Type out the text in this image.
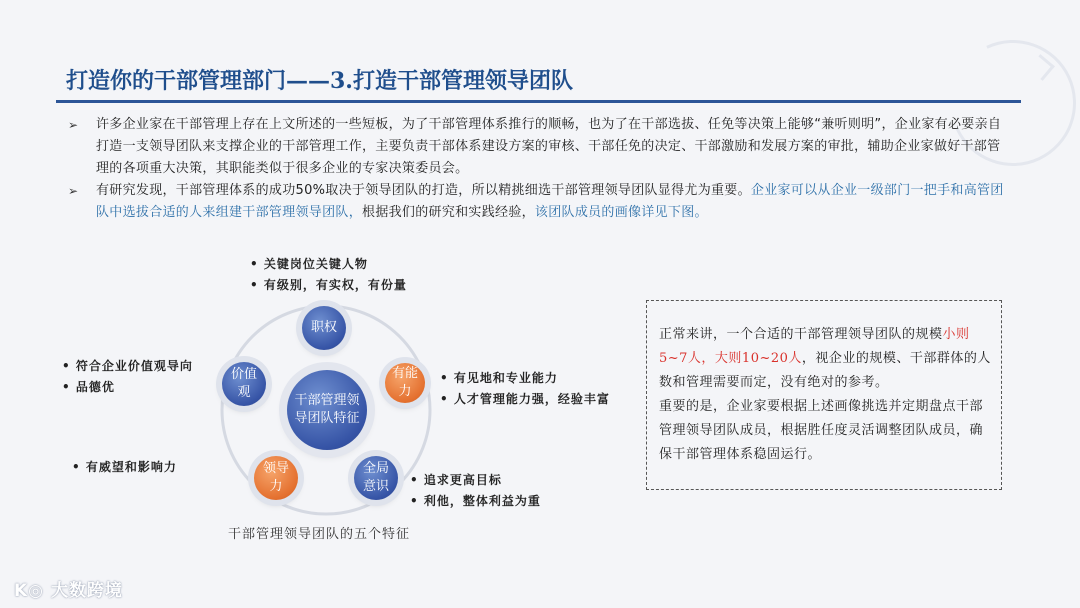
打造你的干部管理部门——3.打造干部管理领导团队
➢ 许多企业家在干部管理上存在上文所述的一些短板，为了干部管理体系推行的顺畅，也为了在干部选拔、任免等决策上能够“兼听则明”，企业家有必要亲自打造一支领导团队来支撑企业的干部管理工作，主要负责干部体系建设方案的审核、干部任免的决定、干部激励和发展方案的审批，辅助企业家做好干部管理的各项重大决策，其职能类似于很多企业的专家决策委员会。
➢ 有研究发现，干部管理体系的成功50%取决于领导团队的打造，所以精挑细选干部管理领导团队显得尤为重要。企业家可以从企业一级部门一把手和高管团队中选拔合适的人来组建干部管理领导团队，根据我们的研究和实践经验，该团队成员的画像详见下图。
干部管理领导团队特征
职权
有能力
全局意识
领导力
价值观
• 关键岗位关键人物
• 有级别，有实权，有份量
• 有见地和专业能力
• 人才管理能力强，经验丰富
• 追求更高目标
• 利他，整体利益为重
• 有威望和影响力
• 符合企业价值观导向
• 品德优
干部管理领导团队的五个特征
正常来讲，一个合适的干部管理领导团队的规模小则5~7人，大则10~20人，视企业的规模、干部群体的人数和管理需要而定，没有绝对的参考。
重要的是，企业家要根据上述画像挑选并定期盘点干部管理领导团队成员，根据胜任度灵活调整团队成员，确保干部管理体系稳固运行。
K◎ 大数跨境
